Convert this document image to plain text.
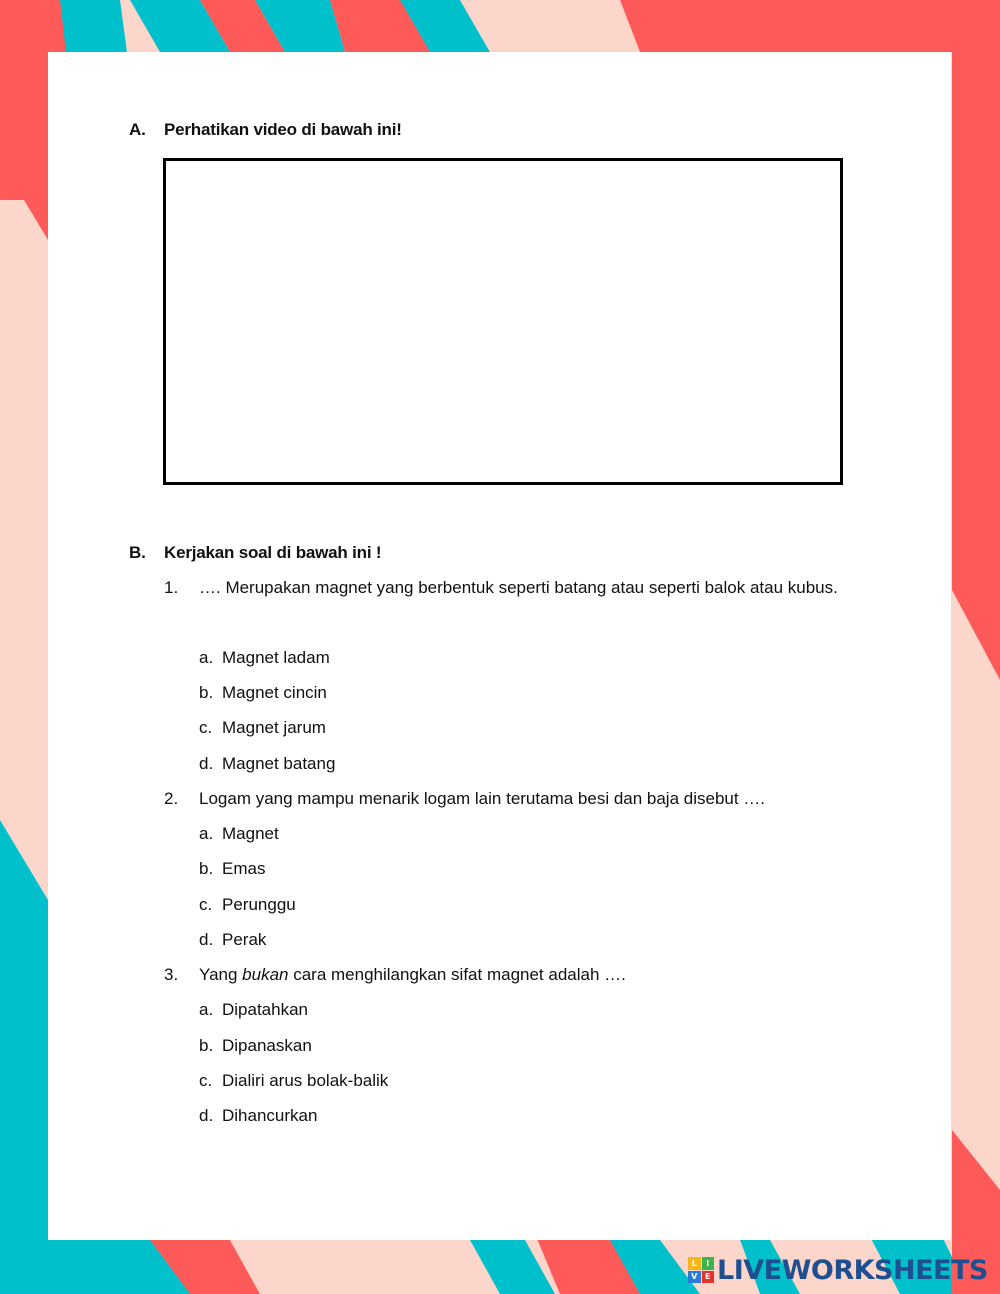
A. Perhatikan video di bawah ini!
B. Kerjakan soal di bawah ini !
1. …. Merupakan magnet yang berbentuk seperti batang atau seperti balok atau kubus.
a. Magnet ladam
b. Magnet cincin
c. Magnet jarum
d. Magnet batang
2. Logam yang mampu menarik logam lain terutama besi dan baja disebut ….
a. Magnet
b. Emas
c. Perunggu
d. Perak
3. Yang bukan cara menghilangkan sifat magnet adalah ….
a. Dipatahkan
b. Dipanaskan
c. Dialiri arus bolak-balik
d. Dihancurkan
L	I
V E LIVEWORKSHEETS
